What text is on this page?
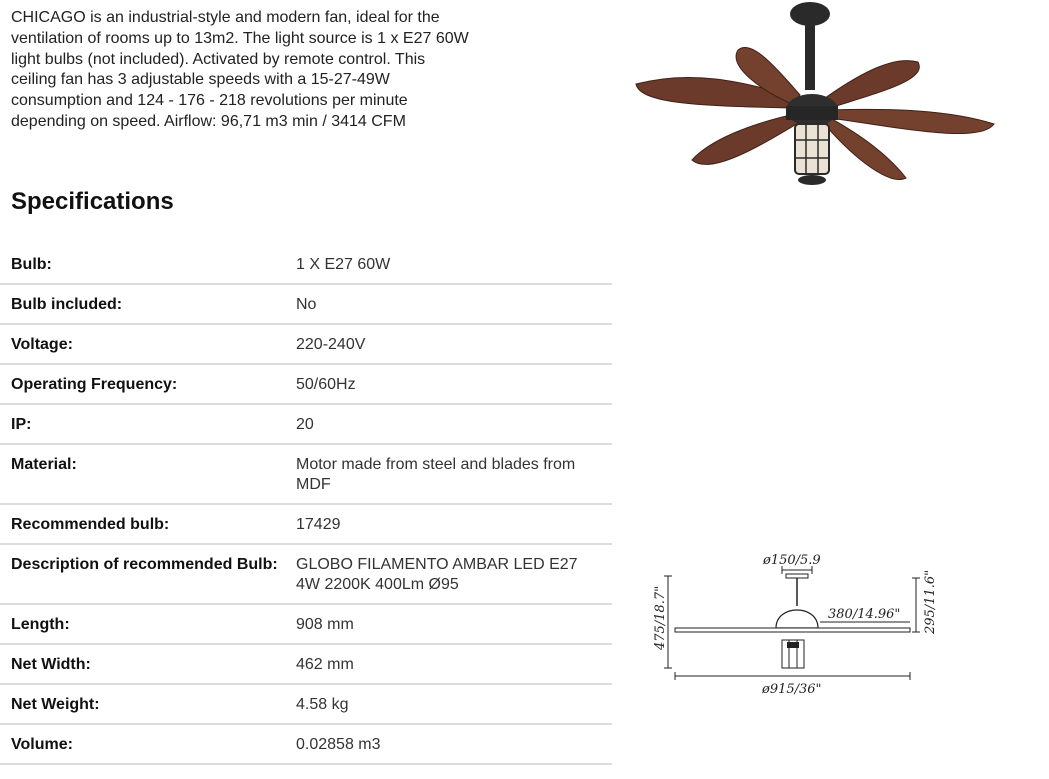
CHICAGO is an industrial-style and modern fan, ideal for the ventilation of rooms up to 13m2. The light source is 1 x E27 60W light bulbs (not included). Activated by remote control. This ceiling fan has 3 adjustable speeds with a 15-27-49W consumption and 124 - 176 - 218 revolutions per minute depending on speed. Airflow: 96,71 m3 min / 3414 CFM
Specifications
Bulb:	1 X E27 60W
Bulb included:	No
Voltage:	220-240V
Operating Frequency:	50/60Hz
IP:	20
Material:	Motor made from steel and blades from MDF
Recommended bulb:	17429
Description of recommended Bulb:	GLOBO FILAMENTO AMBAR LED E27 4W 2200K 400Lm Ø95
Length:	908 mm
Net Width:	462 mm
Net Weight:	4.58 kg
Volume:	0.02858 m3
ø150/5.9
380/14.96"
475/18.7"	295/11.6"
ø915/36"
